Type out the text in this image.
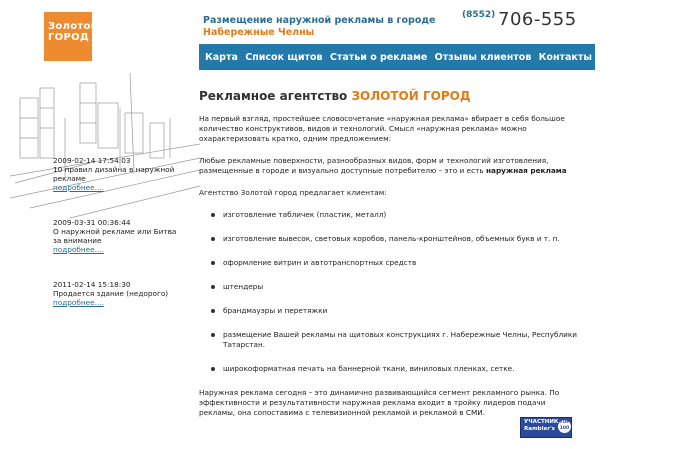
Золотой
ГОРОД
Размещение наружной рекламы в городе Набережные Челны
(8552) 706-555
Карта Список щитов Статьи о рекламе Отзывы клиентов Контакты Продается зд
Рекламное агентство ЗОЛОТОЙ ГОРОД

На первый взгляд, простейшее словосочетание «наружная реклама» вбирает в себя большое количество конструктивов, видов и технологий. Смысл «наружная реклама» можно охарактеризовать кратко, одним предложением:

Любые рекламные поверхности, разнообразных видов, форм и технологий изготовления, размещенные в городе и визуально доступные потребителю – это и есть наружная реклама

Агентство Золотой город предлагает клиентам:

изготовление табличек (пластик, металл)
изготовление вывесок, световых коробов, панель-кронштейнов, объемных букв и т. п.
оформление витрин и автотранспортных средств
штендеры
брандмауэры и перетяжки
размещение Вашей рекламы на щитовых конструкциях г. Набережные Челны, Республики Татарстан.
широкоформатная печать на баннерной ткани, виниловых пленках, сетке.

Наружная реклама сегодня – это динамично развивающийся сегмент рекламного рынка. По эффективности и результативности наружная реклама входит в тройку лидеров подачи рекламы, она сопоставима с телевизионной рекламой и рекламой в СМИ.

2009-02-14 17:54:03
10 правил дизайна в наружной рекламе
подробнее....
2009-03-31 00:36:44
О наружной рекламе или Битва за внимание
подробнее....
2011-02-14 15:18:30
Продается здание (недорого)
подробнее....
УЧАСТНИК
Rambler's
TOP 100
